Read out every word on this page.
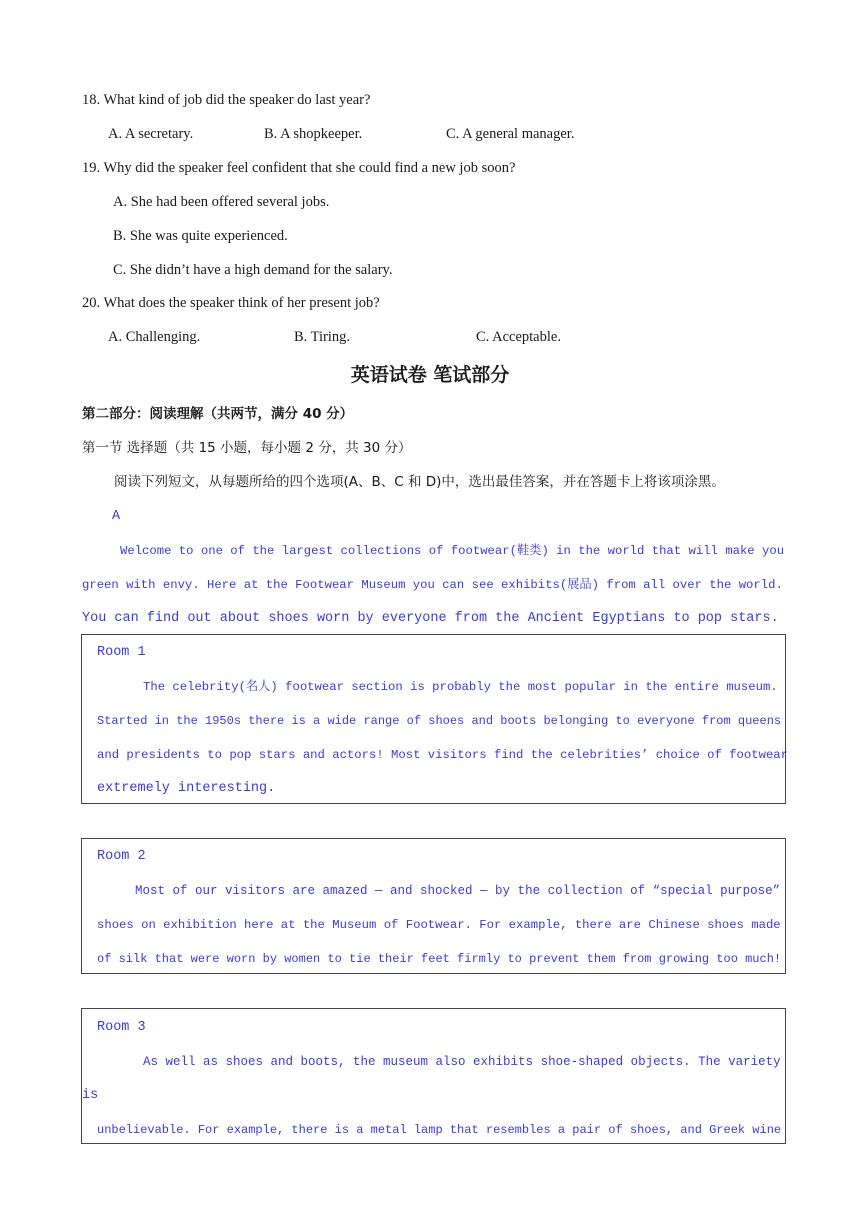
18. What kind of job did the speaker do last year?
A. A secretary.	B. A shopkeeper.	C. A general manager.
19. Why did the speaker feel confident that she could find a new job soon?
A. She had been offered several jobs.
B. She was quite experienced.
C. She didn’t have a high demand for the salary.
20. What does the speaker think of her present job?
A. Challenging.	B. Tiring.	C. Acceptable.
英语试卷 笔试部分
第二部分：阅读理解（共两节，满分 40 分）
第一节 选择题（共 15 小题，每小题 2 分，共 30 分）
阅读下列短文，从每题所给的四个选项(A、B、C 和 D)中，选出最佳答案，并在答题卡上将该项涂黑。
A
Welcome to one of the largest collections of footwear(鞋类) in the world that will make you
green with envy. Here at the Footwear Museum you can see exhibits(展品) from all over the world.
You can find out about shoes worn by everyone from the Ancient Egyptians to pop stars.
Room 1
The celebrity(名人) footwear section is probably the most popular in the entire museum.
Started in the 1950s there is a wide range of shoes and boots belonging to everyone from queens
and presidents to pop stars and actors! Most visitors find the celebrities’ choice of footwear
extremely interesting.
Room 2
Most of our visitors are amazed — and shocked — by the collection of “special purpose”
shoes on exhibition here at the Museum of Footwear. For example, there are Chinese shoes made
of silk that were worn by women to tie their feet firmly to prevent them from growing too much!
Room 3
As well as shoes and boots, the museum also exhibits shoe-shaped objects. The variety
is
unbelievable. For example, there is a metal lamp that resembles a pair of shoes, and Greek wine
